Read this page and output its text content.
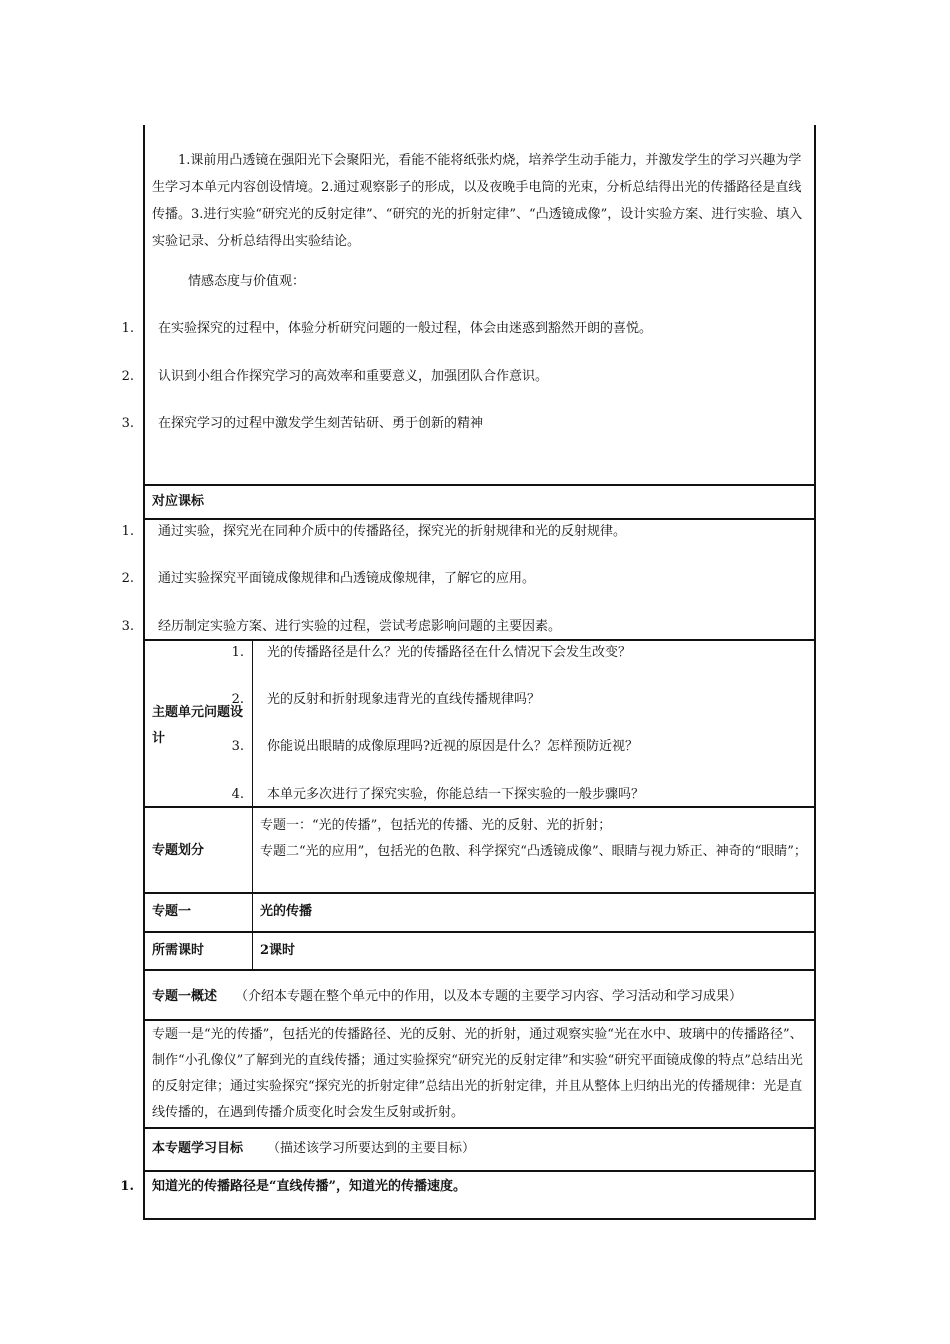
1.课前用凸透镜在强阳光下会聚阳光，看能不能将纸张灼烧，培养学生动手能力，并激发学生的学习兴趣为学生学习本单元内容创设情境。2.通过观察影子的形成，以及夜晚手电筒的光束，分析总结得出光的传播路径是直线传播。3.进行实验“研究光的反射定律”、“研究的光的折射定律”、“凸透镜成像”，设计实验方案、进行实验、填入实验记录、分析总结得出实验结论。
情感态度与价值观：
1. 在实验探究的过程中，体验分析研究问题的一般过程，体会由迷惑到豁然开朗的喜悦。
2. 认识到小组合作探究学习的高效率和重要意义，加强团队合作意识。
3. 在探究学习的过程中激发学生刻苦钻研、勇于创新的精神
对应课标
1. 通过实验，探究光在同种介质中的传播路径，探究光的折射规律和光的反射规律。
2. 通过实验探究平面镜成像规律和凸透镜成像规律，了解它的应用。
3. 经历制定实验方案、进行实验的过程，尝试考虑影响问题的主要因素。
主题单元问题设计
1. 光的传播路径是什么？光的传播路径在什么情况下会发生改变？
2. 光的反射和折射现象违背光的直线传播规律吗？
3. 你能说出眼睛的成像原理吗?近视的原因是什么？怎样预防近视？
4. 本单元多次进行了探究实验，你能总结一下探实验的一般步骤吗？
专题划分
专题一：“光的传播”，包括光的传播、光的反射、光的折射；
专题二“光的应用”，包括光的色散、科学探究“凸透镜成像”、眼睛与视力矫正、神奇的“眼睛”；
专题一	光的传播
所需课时	2课时
专题一概述 （介绍本专题在整个单元中的作用，以及本专题的主要学习内容、学习活动和学习成果）
专题一是“光的传播”，包括光的传播路径、光的反射、光的折射，通过观察实验“光在水中、玻璃中的传播路径”、制作“小孔像仪”了解到光的直线传播；通过实验探究“研究光的反射定律”和实验“研究平面镜成像的特点”总结出光的反射定律；通过实验探究“探究光的折射定律”总结出光的折射定律，并且从整体上归纳出光的传播规律：光是直线传播的，在遇到传播介质变化时会发生反射或折射。
本专题学习目标 （描述该学习所要达到的主要目标）
1. 知道光的传播路径是“直线传播”，知道光的传播速度。
